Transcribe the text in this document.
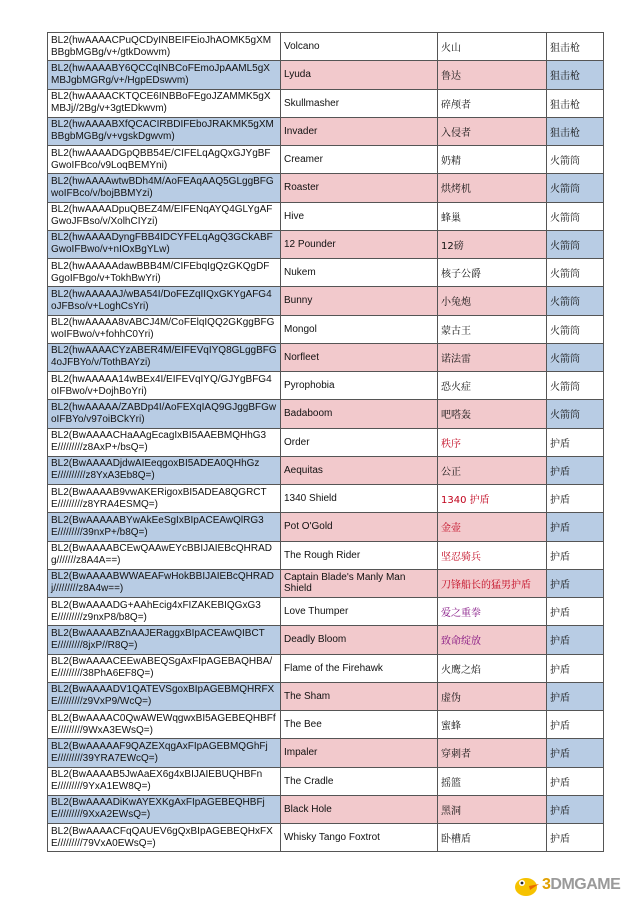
BL2(hwAAAACPuQCDyINBEIFEioJhAOMK5gXMBBgbMGBg/v+/gtkDowvm)	Volcano	火山	狙击枪
BL2(hwAAAABY6QCCqINBCoFEmoJpAAML5gXMBJgbMGRg/v+/HgpEDswvm)	Lyuda	鲁达	狙击枪
BL2(hwAAAACKTQCE6INBBoFEgoJZAMMK5gXMBJj//2Bg/v+3gtEDkwvm)	Skullmasher	碎颅者	狙击枪
BL2(hwAAAABXfQCACIRBDIFEboJRAKMK5gXMBBgbMGBg/v+vgskDgwvm)	Invader	入侵者	狙击枪
BL2(hwAAAADGpQBB54E/CIFELqAgQxGJYgBFGwoIFBco/v9LoqBEMYni)	Creamer	奶精	火箭筒
BL2(hwAAAAwtwBDh4M/AoFEAqAAQ5GLggBFGwoIFBco/v/bojBBMYzi)	Roaster	烘烤机	火箭筒
BL2(hwAAAADpuQBEZ4M/EIFENqAYQ4GLYgAFGwoJFBso/v/XolhCIYzi)	Hive	蜂巢	火箭筒
BL2(hwAAAADyngFBB4IDCYFELqAgQ3GCkABFGwoIFBwo/v+nIOxBgYLw)	12 Pounder	12磅	火箭筒
BL2(hwAAAAAdawBBB4M/CIFEbqIgQzGKQgDFGgoIFBgo/v+TokhBwYri)	Nukem	核子公爵	火箭筒
BL2(hwAAAAAJ/wBA54I/DoFEZqIIQxGKYgAFG4oJFBso/v+LoghCsYri)	Bunny	小兔炮	火箭筒
BL2(hwAAAAA8vABCJ4M/CoFElqIQQ2GKggBFGwoIFBwo/v+fohhC0Yri)	Mongol	蒙古王	火箭筒
BL2(hwAAAACYzABER4M/EIFEVqIYQ8GLggBFG4oJFBYo/v/TothBAYzi)	Norfleet	诺法雷	火箭筒
BL2(hwAAAAA14wBEx4I/EIFEVqIYQ/GJYgBFG4oIFBwo/v+DojhBoYri)	Pyrophobia	恐火症	火箭筒
BL2(hwAAAAA/ZABDp4I/AoFEXqIAQ9GJggBFGwoIFBYo/v97oiBCkYri)	Badaboom	吧嗒轰	火箭筒
BL2(BwAAAACHaAAgEcagIxBI5AAEBMQHhG3E/////////z8AxP+/bsQ=)	Order	秩序	护盾
BL2(BwAAAADjdwAIEeqgoxBI5ADEA0QHhGzE//////////z8YxA3Eb8Q=)	Aequitas	公正	护盾
BL2(BwAAAAB9vwAKERigoxBI5ADEA8QGRCTE/////////z8YRA4ESMQ=)	1340 Shield	1340 护盾	护盾
BL2(BwAAAAABYwAkEeSgIxBIpACEAwQlRG3E/////////39nxP+/b8Q=)	Pot O'Gold	金壶	护盾
BL2(BwAAAABCEwQAAwEYcBBIJAIEBcQHRADg///////z8A4A==)	The Rough Rider	坚忍骑兵	护盾
BL2(BwAAAABWWAEAFwHokBBIJAIEBcQHRADj/////////z8A4w==)	Captain Blade's Manly Man Shield	刀锋船长的猛男护盾	护盾
BL2(BwAAAADG+AAhEcig4xFIZAKEBIQGxG3E/////////z9nxP8/b8Q=)	Love Thumper	爱之重拳	护盾
BL2(BwAAAABZnAAJERaggxBIpACEAwQIBCTE/////////8jxP//R8Q=)	Deadly Bloom	致命绽放	护盾
BL2(BwAAAACEEwABEQSgAxFIpAGEBAQHBA/E/////////38PhA6EF8Q=)	Flame of the Firehawk	火鹰之焰	护盾
BL2(BwAAAADV1QATEVSgoxBIpAGEBMQHRFXE/////////z9VxP9/WcQ=)	The Sham	虚伪	护盾
BL2(BwAAAAC0QwAWEWqgwxBI5AGEBEQHBFfE/////////9WxA3EWsQ=)	The Bee	蜜蜂	护盾
BL2(BwAAAAAF9QAZEXqgAxFIpAGEBMQGhFjE/////////39YRA7EWcQ=)	Impaler	穿刺者	护盾
BL2(BwAAAAB5JwAaEX6g4xBIJAIEBUQHBFnE/////////9YxA1EW8Q=)	The Cradle	摇篮	护盾
BL2(BwAAAADiKwAYEXKgAxFIpAGEBEQHBFjE/////////9XxA2EWsQ=)	Black Hole	黑洞	护盾
BL2(BwAAAACFqQAUEV6gQxBIpAGEBEQHxFXE/////////79VxA0EWsQ=)	Whisky Tango Foxtrot	卧槽盾	护盾
3DMGAME
